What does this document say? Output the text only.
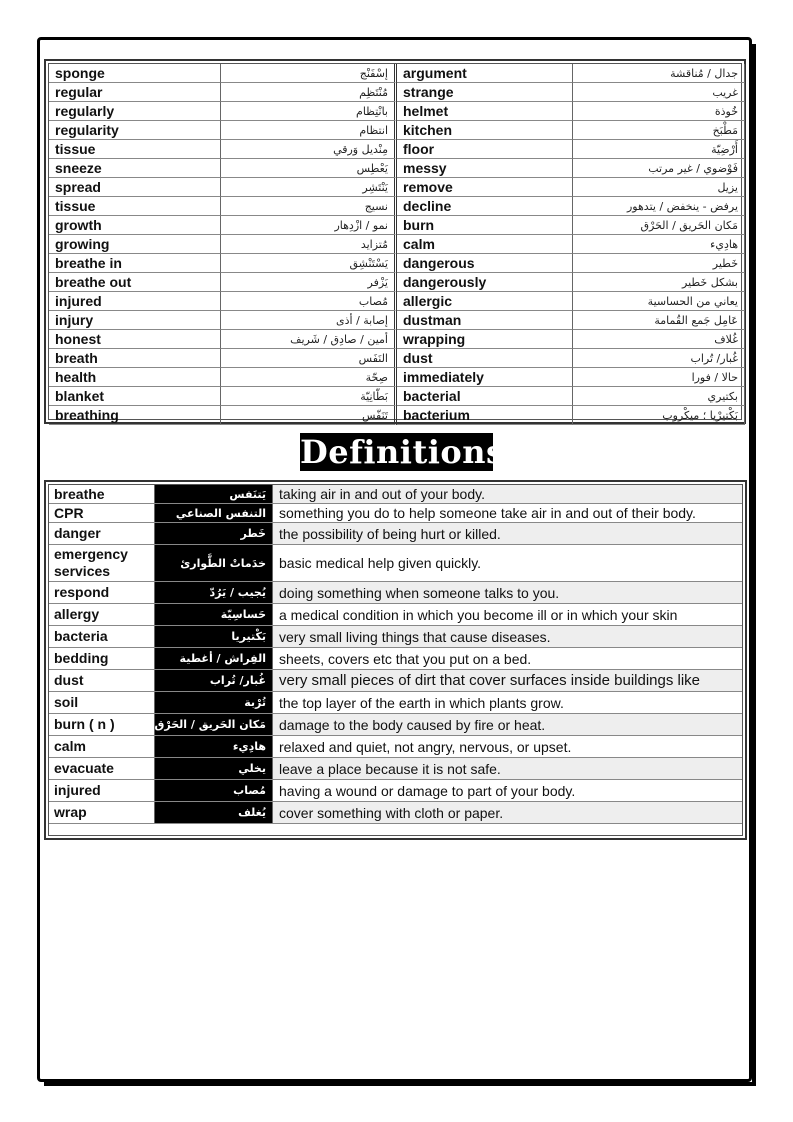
sponge	إسْفَنْج	argument	جدال / مُناقشة
regular	مُنْتَظِم	strange	غريب
regularly	بانْتِظام	helmet	خُوذة
regularity	انتظام	kitchen	مَطْبَخ
tissue	مِنْديل وَرقي	floor	أَرْضِيّة
sneeze	يَعْطِس	messy	فَوْضوي / غير مرتب
spread	يَنْتَشِر	remove	يزيل
tissue	نسيج	decline	يرفض - ينخفض / يتدهور
growth	نمو / ازْدِهار	burn	مَكان الحَريق / الحَرْق
growing	مُتزايد	calm	هادِيء
breathe in	يَسْتَنْشِق	dangerous	خَطير
breathe out	يَزْفر	dangerously	بشكل خَطير
injured	مُصاب	allergic	يعاني من الحساسية
injury	إصابة / أذى	dustman	عَامِل جَمع القُمامة
honest	أمين / صادِق / شَريف	wrapping	غُلاف
breath	النَفَس	dust	غُبار/ تُراب
health	صِحّة	immediately	حالا / فورا
blanket	بَطّانِيّة	bacterial	بكتيري
breathing	تَنَفّس	bacterium	بَكْتيرْيا ؛ ميكْروب
Definitions
breathe	يَتنَفس taking air in and out of your body.
CPR	التنفس الصناعي something you do to help someone take air in and out of their body.
danger	خَطر the possibility of being hurt or killed.
emergency services	خدَماتْ الطَّوارئ basic medical help given quickly.
respond	يُجيب / يَرُدّ doing something when someone talks to you.
allergy	حَساسِيّة a medical condition in which you become ill or in which your skin
bacteria	بَكْتيريا very small living things that cause diseases.
bedding	الفِراش / أغطية sheets, covers etc that you put on a bed.
dust	غُبار/ تُراب very small pieces of dirt that cover surfaces inside buildings like
soil	تُرْبة the top layer of the earth in which plants grow.
burn ( n )	مَكان الحَريق / الحَرْق damage to the body caused by fire or heat.
calm	هادِيء relaxed and quiet, not angry, nervous, or upset.
evacuate	يخلي leave a place because it is not safe.
injured	مُصاب having a wound or damage to part of your body.
wrap	يُغلف cover something with cloth or paper.
